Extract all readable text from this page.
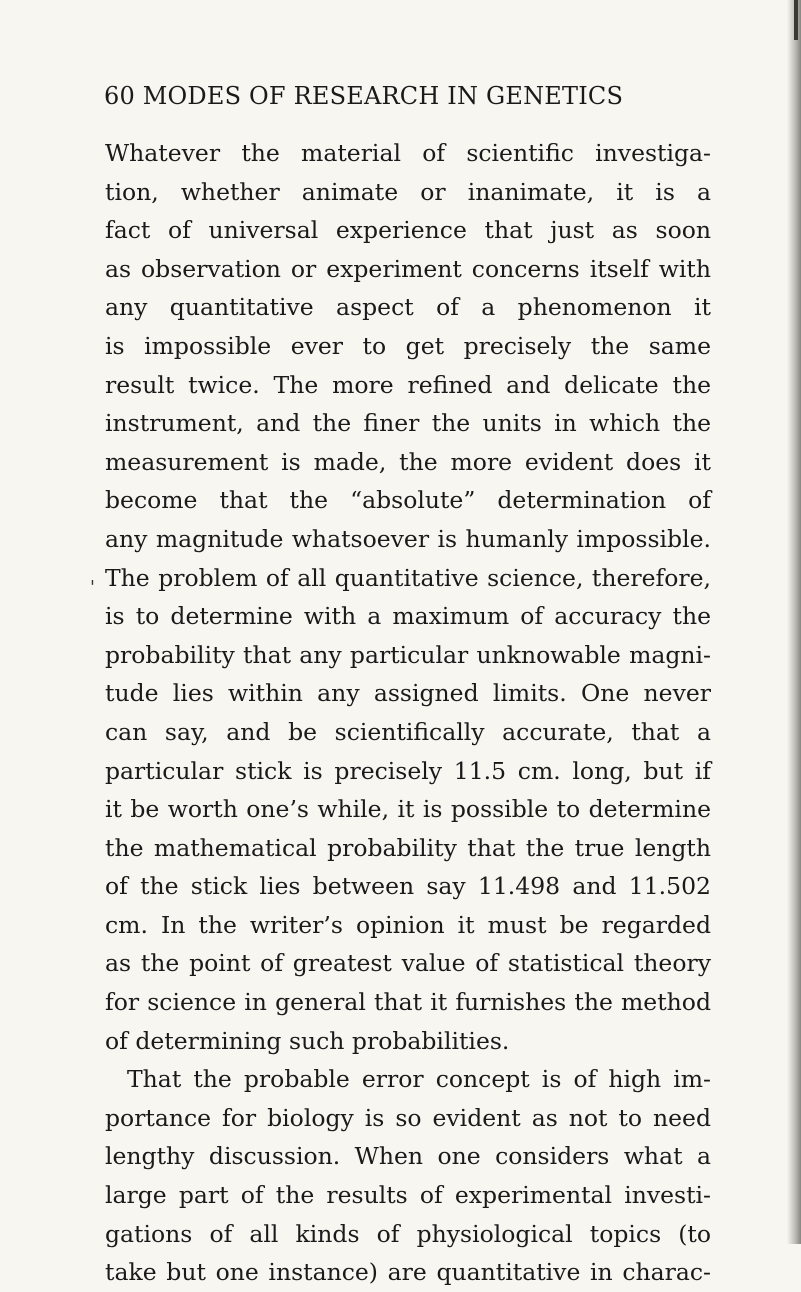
60 MODES OF RESEARCH IN GENETICS
'
Whatever the material of scientific investiga-
tion, whether animate or inanimate, it is a
fact of universal experience that just as soon
as observation or experiment concerns itself with
any quantitative aspect of a phenomenon it
is impossible ever to get precisely the same
result twice. The more refined and delicate the
instrument, and the finer the units in which the
measurement is made, the more evident does it
become that the “absolute” determination of
any magnitude whatsoever is humanly impossible.
The problem of all quantitative science, therefore,
is to determine with a maximum of accuracy the
probability that any particular unknowable magni-
tude lies within any assigned limits. One never
can say, and be scientifically accurate, that a
particular stick is precisely 11.5 cm. long, but if
it be worth one’s while, it is possible to determine
the mathematical probability that the true length
of the stick lies between say 11.498 and 11.502
cm. In the writer’s opinion it must be regarded
as the point of greatest value of statistical theory
for science in general that it furnishes the method
of determining such probabilities.
That the probable error concept is of high im-
portance for biology is so evident as not to need
lengthy discussion. When one considers what a
large part of the results of experimental investi-
gations of all kinds of physiological topics (to
take but one instance) are quantitative in charac-
